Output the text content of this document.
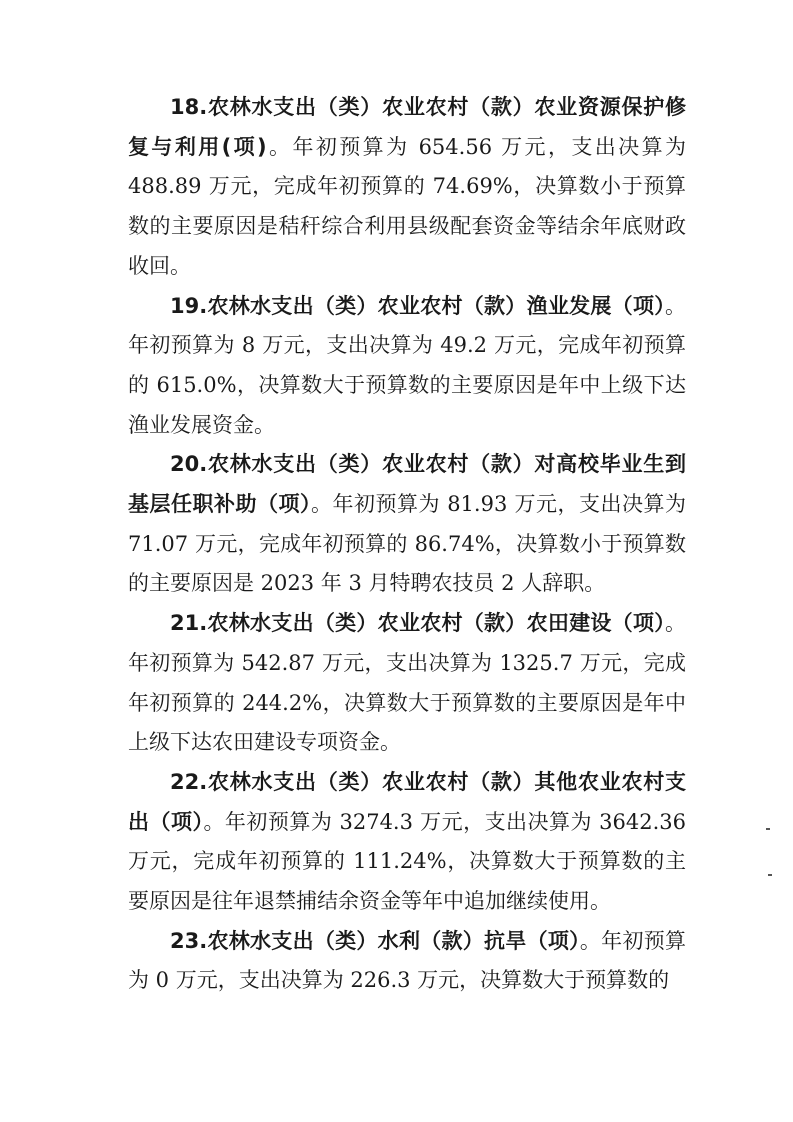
18.农林水支出（类）农业农村（款）农业资源保护修复与利用(项)。年初预算为 654.56 万元，支出决算为 488.89 万元，完成年初预算的 74.69%，决算数小于预算数的主要原因是秸秆综合利用县级配套资金等结余年底财政收回。

19.农林水支出（类）农业农村（款）渔业发展（项）。年初预算为 8 万元，支出决算为 49.2 万元，完成年初预算的 615.0%，决算数大于预算数的主要原因是年中上级下达渔业发展资金。

20.农林水支出（类）农业农村（款）对高校毕业生到基层任职补助（项）。年初预算为 81.93 万元，支出决算为 71.07 万元，完成年初预算的 86.74%，决算数小于预算数的主要原因是 2023 年 3 月特聘农技员 2 人辞职。

21.农林水支出（类）农业农村（款）农田建设（项）。年初预算为 542.87 万元，支出决算为 1325.7 万元，完成年初预算的 244.2%，决算数大于预算数的主要原因是年中上级下达农田建设专项资金。

22.农林水支出（类）农业农村（款）其他农业农村支出（项）。年初预算为 3274.3 万元，支出决算为 3642.36 万元，完成年初预算的 111.24%，决算数大于预算数的主要原因是往年退禁捕结余资金等年中追加继续使用。

23.农林水支出（类）水利（款）抗旱（项）。年初预算为 0 万元，支出决算为 226.3 万元，决算数大于预算数的
